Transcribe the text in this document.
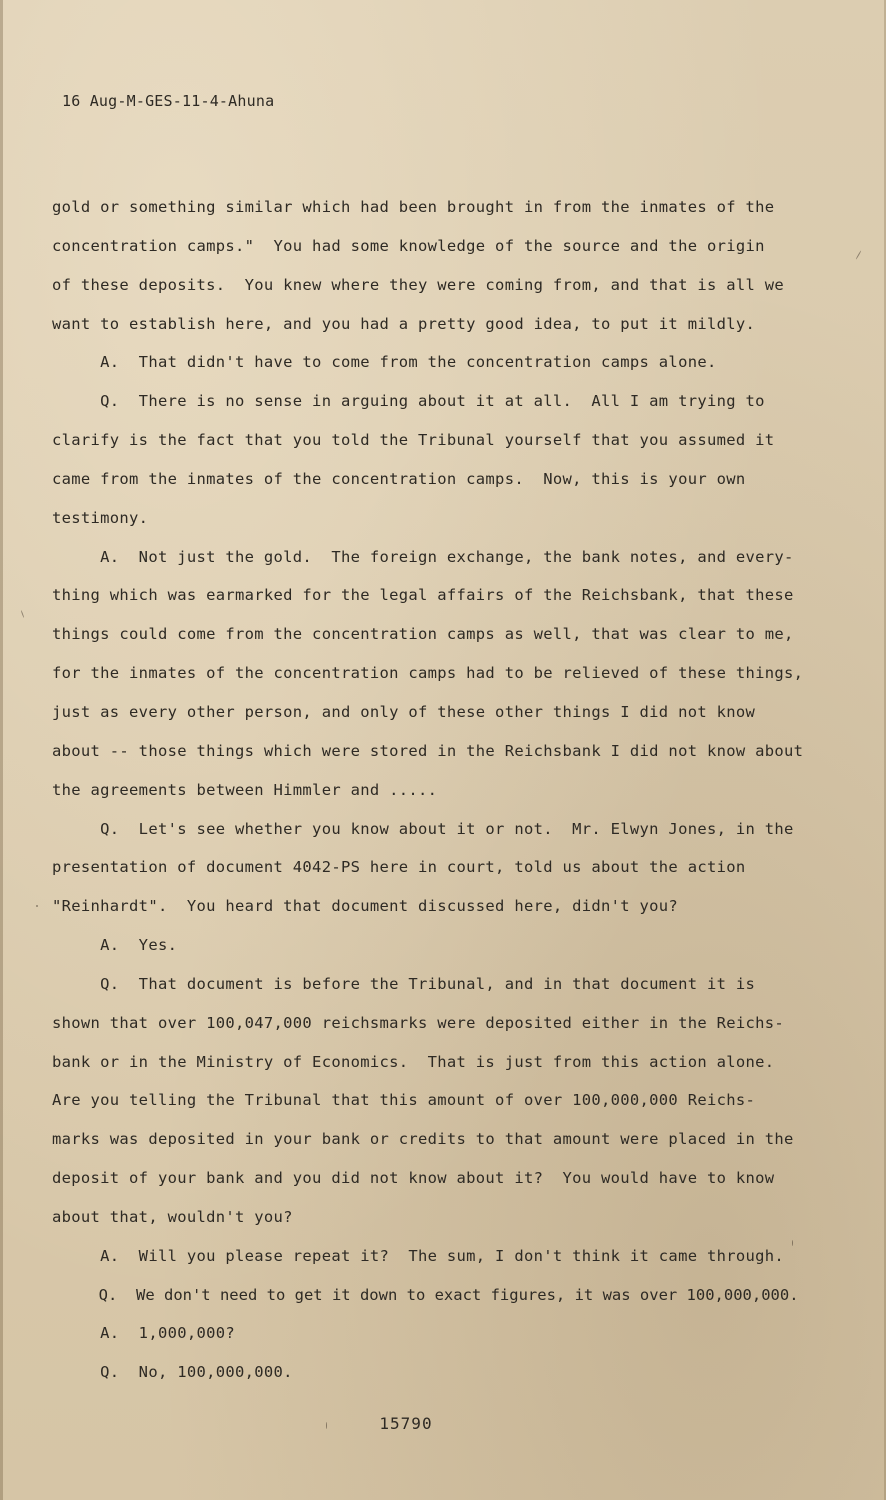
16 Aug-M-GES-11-4-Ahuna
gold or something similar which had been brought in from the inmates of the
concentration camps."  You had some knowledge of the source and the origin
of these deposits.  You knew where they were coming from, and that is all we
want to establish here, and you had a pretty good idea, to put it mildly.
A.  That didn't have to come from the concentration camps alone.
Q.  There is no sense in arguing about it at all.  All I am trying to
clarify is the fact that you told the Tribunal yourself that you assumed it
came from the inmates of the concentration camps.  Now, this is your own
testimony.
A.  Not just the gold.  The foreign exchange, the bank notes, and every-
thing which was earmarked for the legal affairs of the Reichsbank, that these
things could come from the concentration camps as well, that was clear to me,
for the inmates of the concentration camps had to be relieved of these things,
just as every other person, and only of these other things I did not know
about -- those things which were stored in the Reichsbank I did not know about
the agreements between Himmler and .....
Q.  Let's see whether you know about it or not.  Mr. Elwyn Jones, in the
presentation of document 4042-PS here in court, told us about the action
"Reinhardt".  You heard that document discussed here, didn't you?
A.  Yes.
Q.  That document is before the Tribunal, and in that document it is
shown that over 100,047,000 reichsmarks were deposited either in the Reichs-
bank or in the Ministry of Economics.  That is just from this action alone.
Are you telling the Tribunal that this amount of over 100,000,000 Reichs-
marks was deposited in your bank or credits to that amount were placed in the
deposit of your bank and you did not know about it?  You would have to know
about that, wouldn't you?
A.  Will you please repeat it?  The sum, I don't think it came through.
Q.  We don't need to get it down to exact figures, it was over 100,000,000.
A.  1,000,000?
Q.  No, 100,000,000.
15790
